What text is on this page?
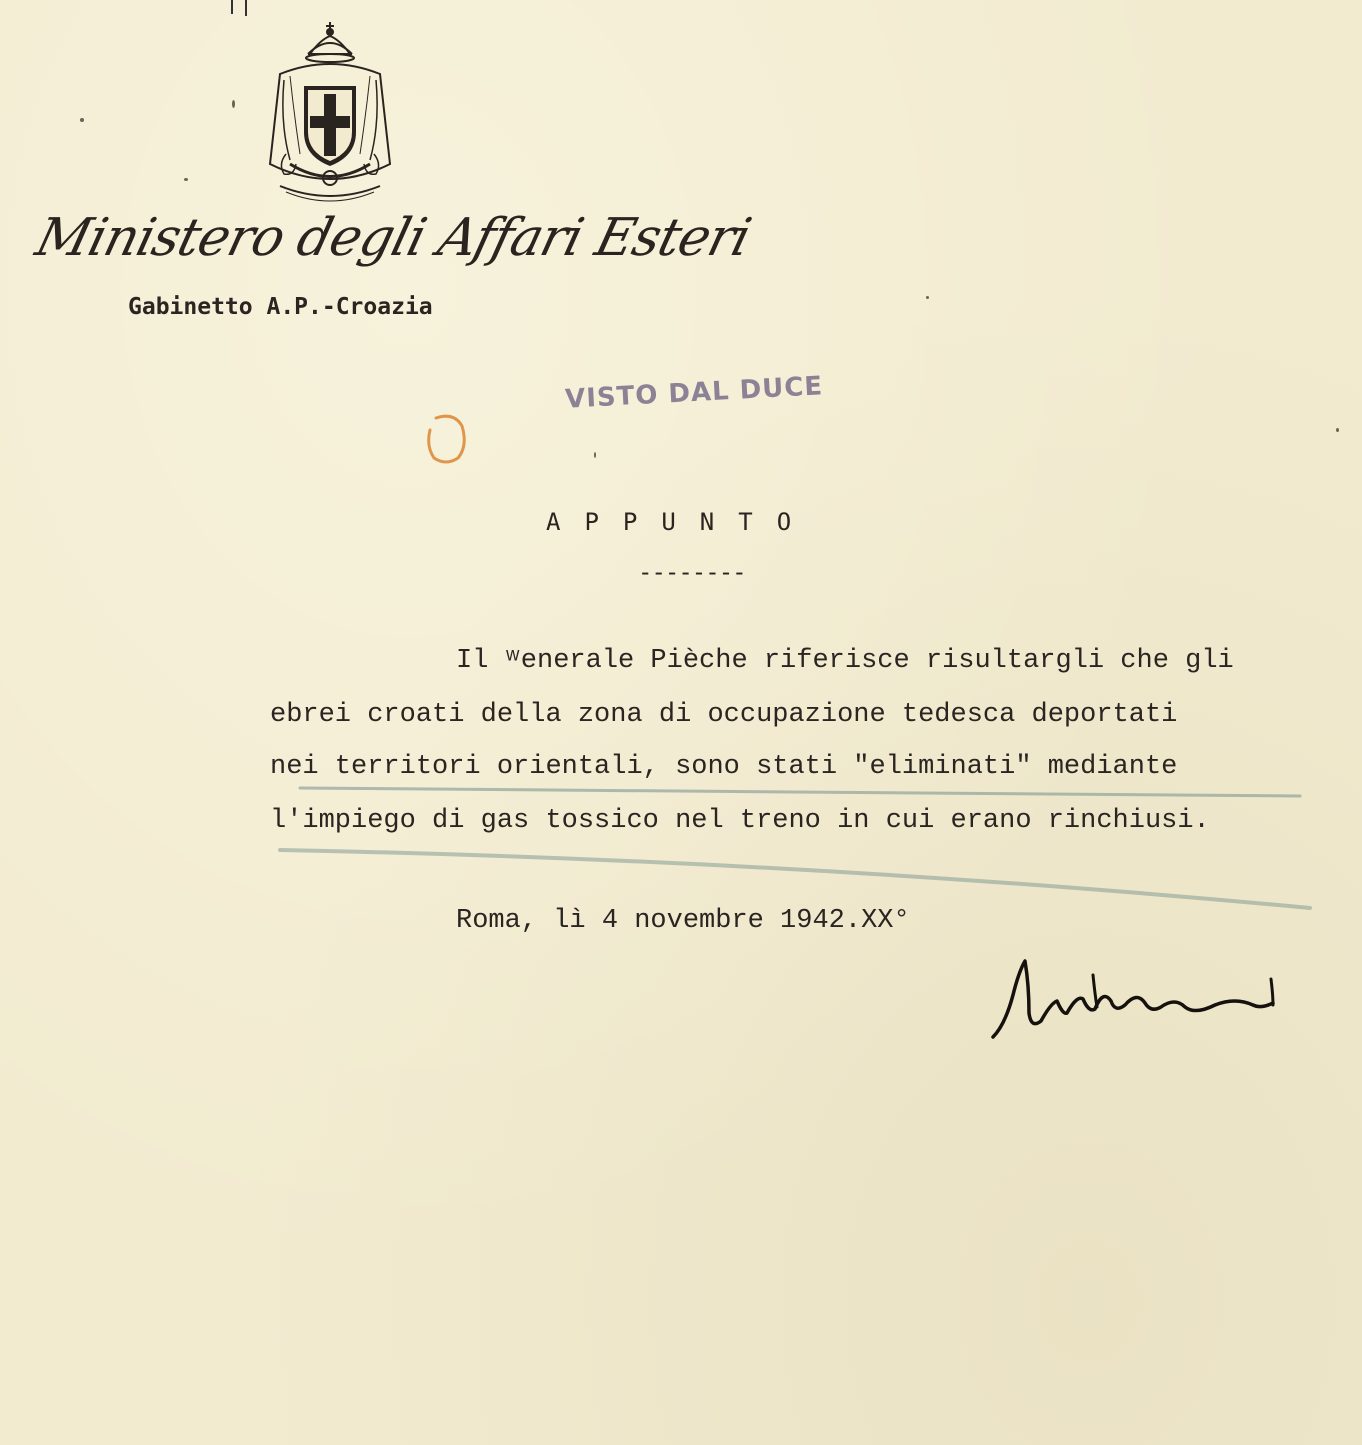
Ministero degli Affari Esteri
Gabinetto A.P.-Croazia
VISTO DAL DUCE
APPUNTO
--------
Il ʷenerale Pièche riferisce risultargli che gli
ebrei croati della zona di occupazione tedesca deportati
nei territori orientali, sono stati "eliminati" mediante
l'impiego di gas tossico nel treno in cui erano rinchiusi.
Roma, lì 4 novembre 1942.XX°
